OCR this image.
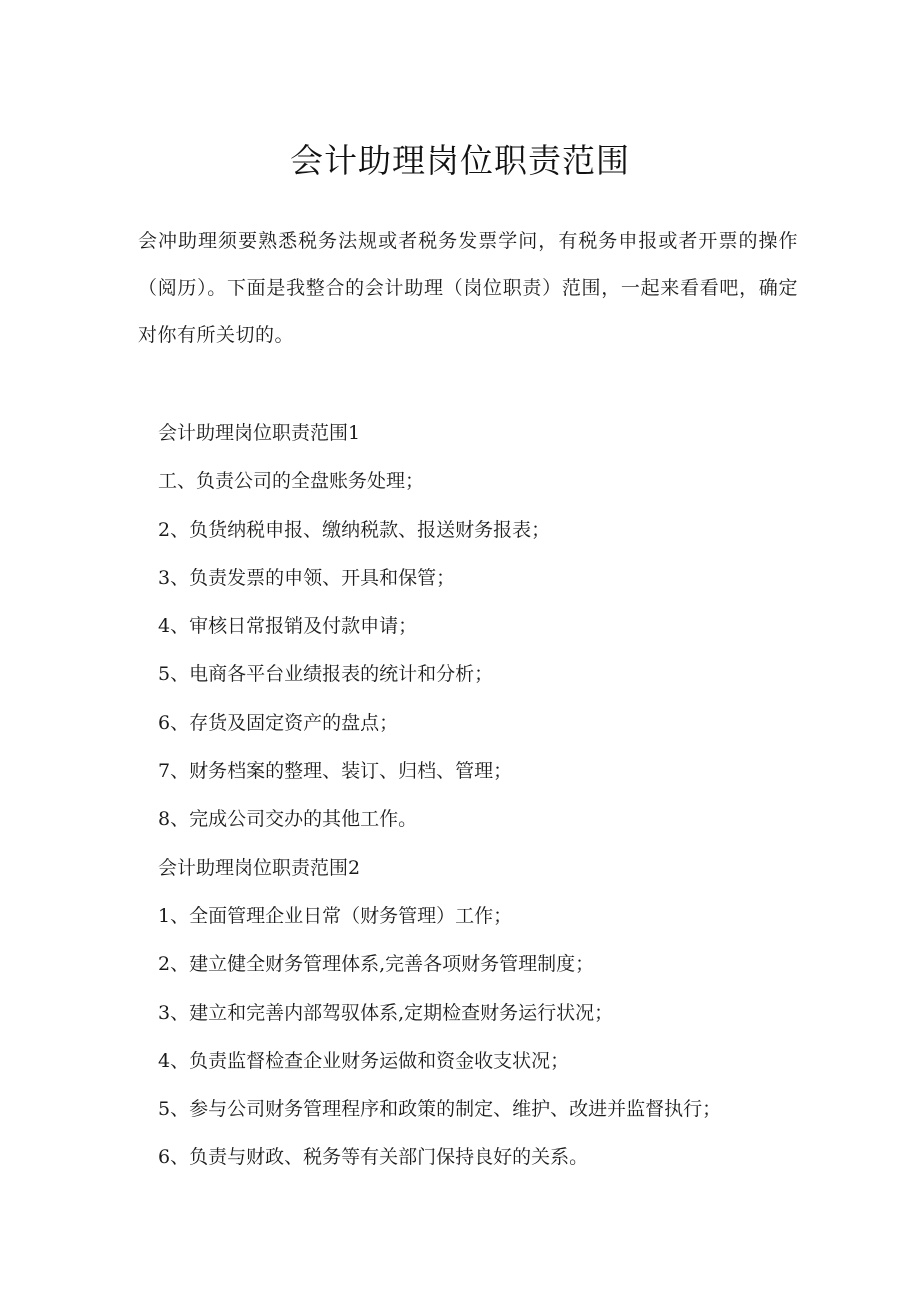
会计助理岗位职责范围
会冲助理须要熟悉税务法规或者税务发票学问，有税务申报或者开票的操作（阅历）。下面是我整合的会计助理（岗位职责）范围，一起来看看吧，确定对你有所关切的。
会计助理岗位职责范围1
工、负责公司的全盘账务处理；
2、负货纳税申报、缴纳税款、报送财务报表；
3、负责发票的申领、开具和保管；
4、审核日常报销及付款申请；
5、电商各平台业绩报表的统计和分析；
6、存货及固定资产的盘点；
7、财务档案的整理、装订、归档、管理；
8、完成公司交办的其他工作。
会计助理岗位职责范围2
1、全面管理企业日常（财务管理）工作；
2、建立健全财务管理体系,完善各项财务管理制度；
3、建立和完善内部驾驭体系,定期检查财务运行状况；
4、负责监督检查企业财务运做和资金收支状况；
5、参与公司财务管理程序和政策的制定、维护、改进并监督执行；
6、负责与财政、税务等有关部门保持良好的关系。
